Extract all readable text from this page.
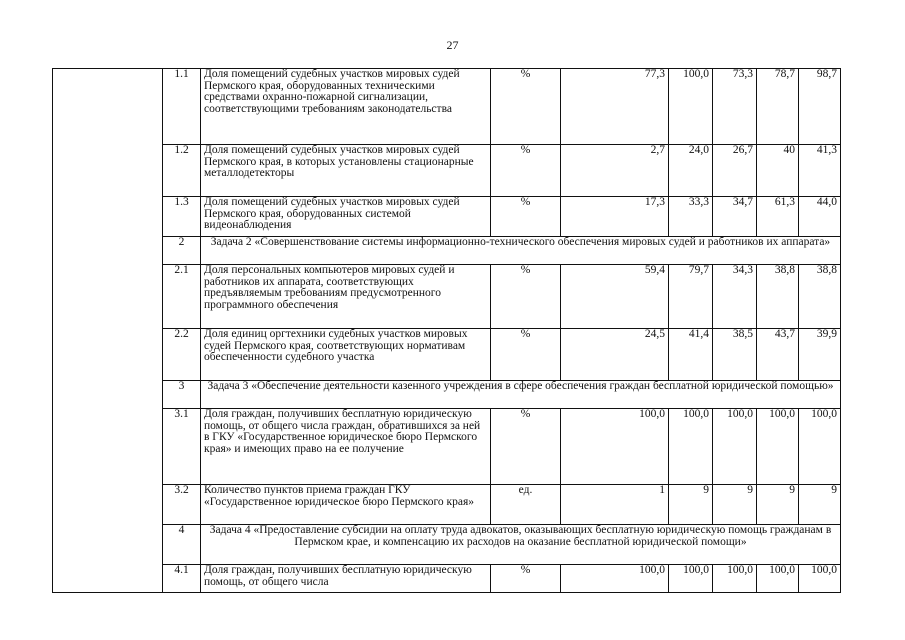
27
	1.1	Доля помещений судебных участков мировых судей Пермского края, оборудованных техническими средствами охранно-пожарной сигнализации, соответствующими требованиям законодательства	%	77,3	100,0	73,3	78,7	98,7
	1.2	Доля помещений судебных участков мировых судей Пермского края, в которых установлены стационарные металлодетекторы	%	2,7	24,0	26,7	40	41,3
	1.3	Доля помещений судебных участков мировых судей Пермского края, оборудованных системой видеонаблюдения	%	17,3	33,3	34,7	61,3	44,0
	2	Задача 2 «Совершенствование системы информационно-технического обеспечения мировых судей и работников их аппарата»						
	2.1	Доля персональных компьютеров мировых судей и работников их аппарата, соответствующих предъявляемым требованиям предусмотренного программного обеспечения	%	59,4	79,7	34,3	38,8	38,8
	2.2	Доля единиц оргтехники судебных участков мировых судей Пермского края, соответствующих нормативам обеспеченности судебного участка	%	24,5	41,4	38,5	43,7	39,9
	3	Задача 3 «Обеспечение деятельности казенного учреждения в сфере обеспечения граждан бесплатной юридической помощью»						
	3.1	Доля граждан, получивших бесплатную юридическую помощь, от общего числа граждан, обратившихся за ней в ГКУ «Государственное юридическое бюро Пермского края» и имеющих право на ее получение	%	100,0	100,0	100,0	100,0	100,0
	3.2	Количество пунктов приема граждан ГКУ «Государственное юридическое бюро Пермского края»	ед.	1	9	9	9	9
	4	Задача 4 «Предоставление субсидии на оплату труда адвокатов, оказывающих бесплатную юридическую помощь гражданам в Пермском крае, и компенсацию их расходов на оказание бесплатной юридической помощи»						
	4.1	Доля граждан, получивших бесплатную юридическую помощь, от общего числа	%	100,0	100,0	100,0	100,0	100,0
